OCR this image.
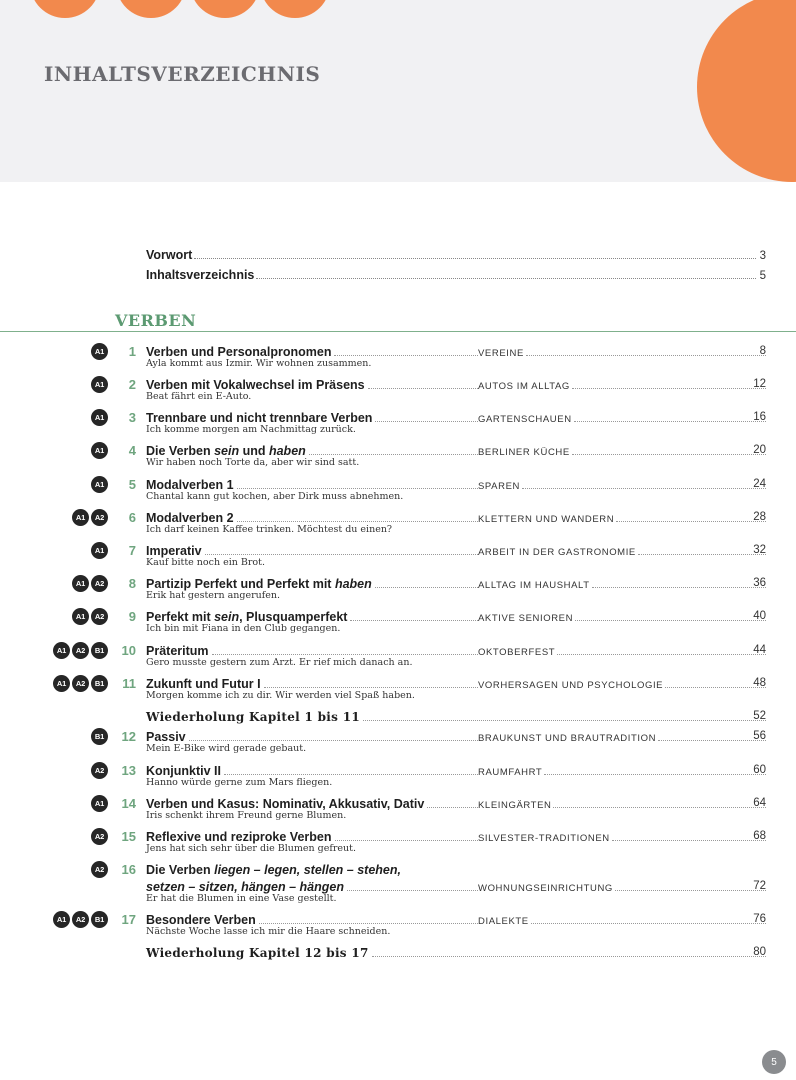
INHALTSVERZEICHNIS
Vorwort	3
Inhaltsverzeichnis	5
VERBEN
A1	1 Verben und Personalpronomen	VEREINE	8
Ayla kommt aus Izmir. Wir wohnen zusammen.
A1	2 Verben mit Vokalwechsel im Präsens	AUTOS IM ALLTAG	12
Beat fährt ein E-Auto.
A1	3 Trennbare und nicht trennbare Verben	GARTENSCHAUEN	16
Ich komme morgen am Nachmittag zurück.
A1	4 Die Verben sein und haben	BERLINER KÜCHE	20
Wir haben noch Torte da, aber wir sind satt.
A1	5 Modalverben 1	SPAREN	24
Chantal kann gut kochen, aber Dirk muss abnehmen.
A1	A2	6 Modalverben 2	KLETTERN UND WANDERN	28
Ich darf keinen Kaffee trinken. Möchtest du einen?
A1	7 Imperativ	ARBEIT IN DER GASTRONOMIE	32
Kauf bitte noch ein Brot.
A1	A2	8 Partizip Perfekt und Perfekt mit haben	ALLTAG IM HAUSHALT	36
Erik hat gestern angerufen.
A1	A2	9 Perfekt mit sein, Plusquamperfekt	AKTIVE SENIOREN	40
Ich bin mit Fiana in den Club gegangen.
A1	A2	B1	10 Präteritum	OKTOBERFEST	44
Gero musste gestern zum Arzt. Er rief mich danach an.
A1	A2	B1	11 Zukunft und Futur I	VORHERSAGEN UND PSYCHOLOGIE	48
Morgen komme ich zu dir. Wir werden viel Spaß haben.
Wiederholung Kapitel 1 bis 11	52
B1	12 Passiv	BRAUKUNST UND BRAUTRADITION	56
Mein E-Bike wird gerade gebaut.
A2	13 Konjunktiv II	RAUMFAHRT	60
Hanno würde gerne zum Mars fliegen.
A1	14 Verben und Kasus: Nominativ, Akkusativ, Dativ	KLEINGÄRTEN	64
Iris schenkt ihrem Freund gerne Blumen.
A2	15 Reflexive und reziproke Verben	SILVESTER-TRADITIONEN	68
Jens hat sich sehr über die Blumen gefreut.
A2	16 Die Verben liegen – legen, stellen – stehen,
setzen – sitzen, hängen – hängen	WOHNUNGSEINRICHTUNG	72
Er hat die Blumen in eine Vase gestellt.
A1	A2	B1	17 Besondere Verben	DIALEKTE	76
Nächste Woche lasse ich mir die Haare schneiden.
Wiederholung Kapitel 12 bis 17	80
5
